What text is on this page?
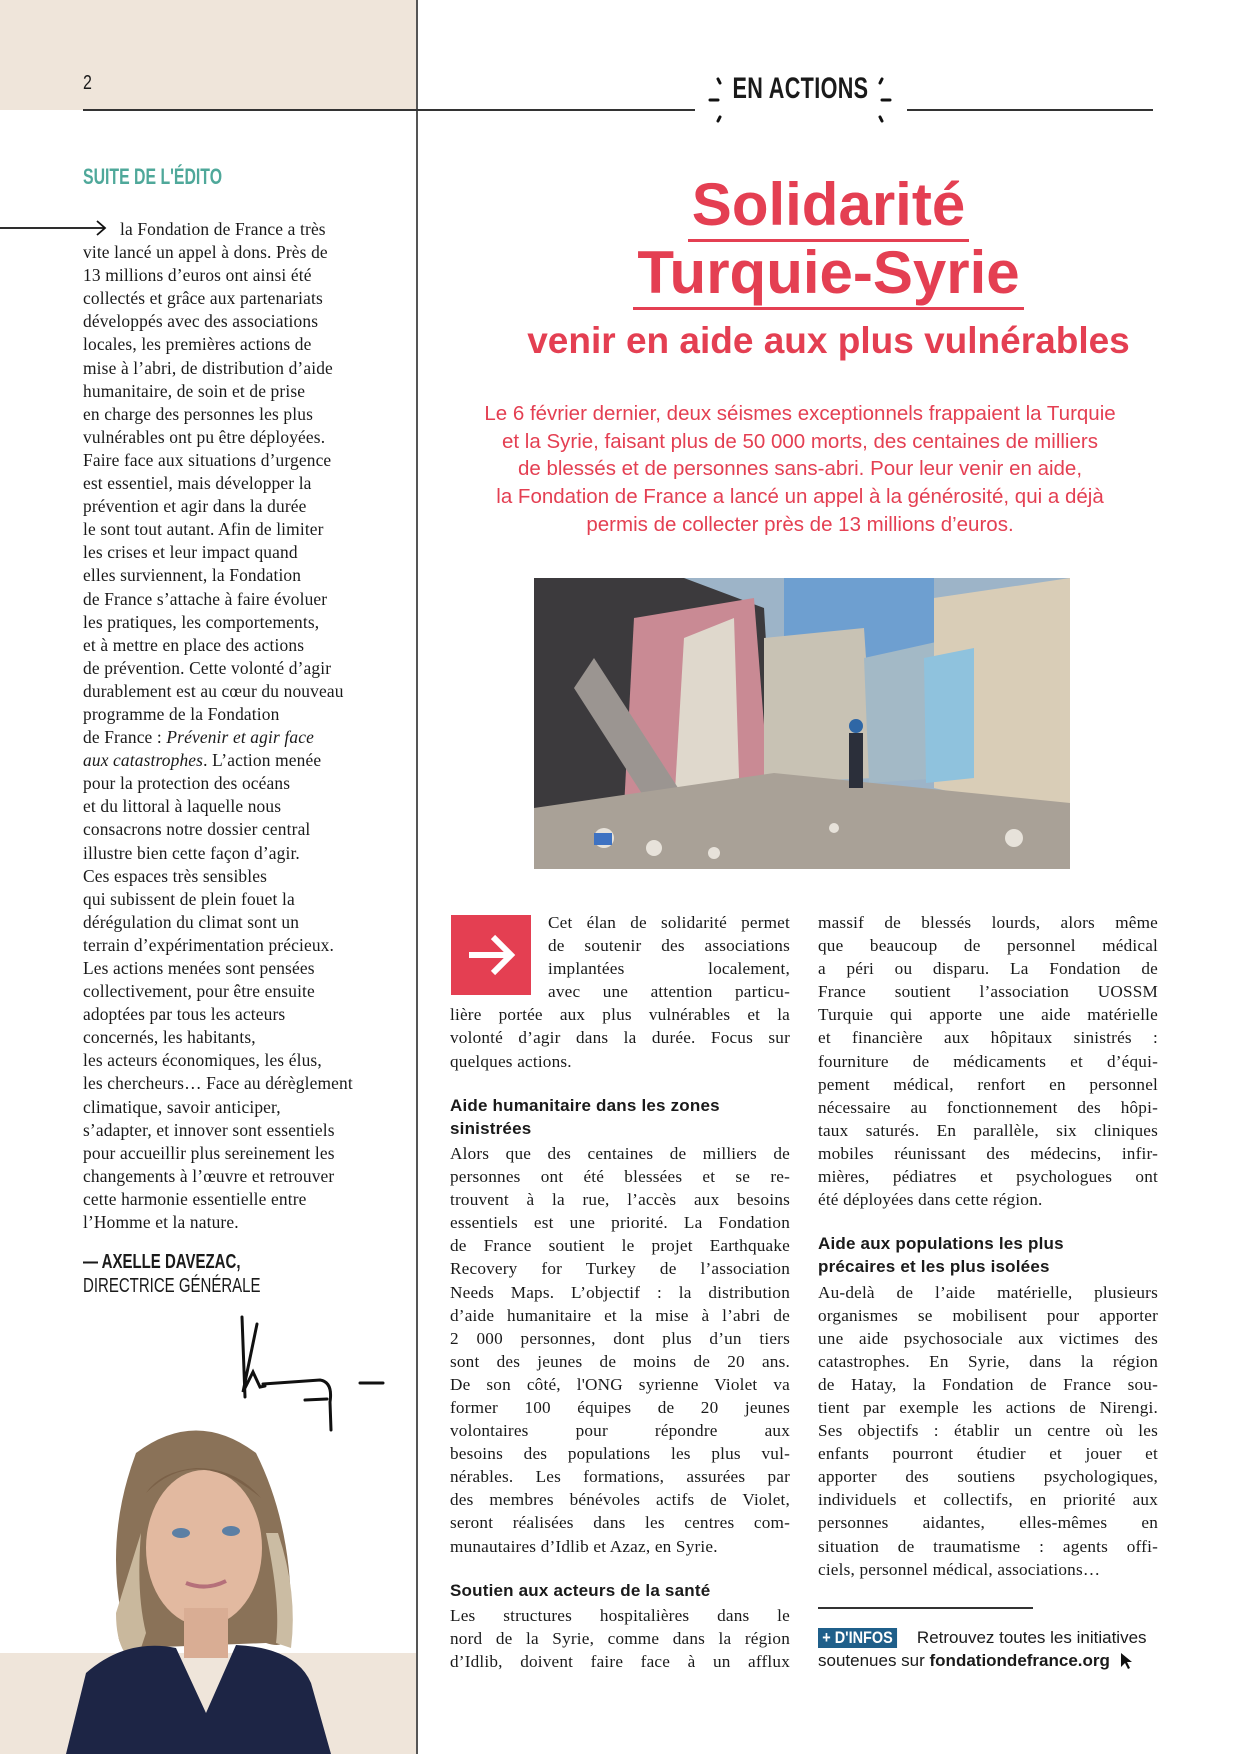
2	EN ACTIONS
SUITE DE L'ÉDITO
la Fondation de France a très
vite lancé un appel à dons. Près de
13 millions d’euros ont ainsi été
collectés et grâce aux partenariats
développés avec des associations
locales, les premières actions de
mise à l’abri, de distribution d’aide
humanitaire, de soin et de prise
en charge des personnes les plus
vulnérables ont pu être déployées.
Faire face aux situations d’urgence
est essentiel, mais développer la
prévention et agir dans la durée
le sont tout autant. Afin de limiter
les crises et leur impact quand
elles surviennent, la Fondation
de France s’attache à faire évoluer
les pratiques, les comportements,
et à mettre en place des actions
de prévention. Cette volonté d’agir
durablement est au cœur du nouveau
programme de la Fondation
de France : Prévenir et agir face
aux catastrophes. L’action menée
pour la protection des océans
et du littoral à laquelle nous
consacrons notre dossier central
illustre bien cette façon d’agir.
Ces espaces très sensibles
qui subissent de plein fouet la
dérégulation du climat sont un
terrain d’expérimentation précieux.
Les actions menées sont pensées
collectivement, pour être ensuite
adoptées par tous les acteurs
concernés, les habitants,
les acteurs économiques, les élus,
les chercheurs… Face au dérèglement
climatique, savoir anticiper,
s’adapter, et innover sont essentiels
pour accueillir plus sereinement les
changements à l’œuvre et retrouver
cette harmonie essentielle entre
l’Homme et la nature.
— AXELLE DAVEZAC,
DIRECTRICE GÉNÉRALE
Solidarité
Turquie-Syrie
venir en aide aux plus vulnérables
Le 6 février dernier, deux séismes exceptionnels frappaient la Turquie
et la Syrie, faisant plus de 50 000 morts, des centaines de milliers
de blessés et de personnes sans-abri. Pour leur venir en aide,
la Fondation de France a lancé un appel à la générosité, qui a déjà
permis de collecter près de 13 millions d’euros.
Cet élan de solidarité permet
de soutenir des associations
implantées localement,
avec une attention particu-
lière portée aux plus vulnérables et la
volonté d’agir dans la durée. Focus sur
quelques actions.
Aide humanitaire dans les zones
sinistrées
Alors que des centaines de milliers de
personnes ont été blessées et se re-
trouvent à la rue, l’accès aux besoins
essentiels est une priorité. La Fondation
de France soutient le projet Earthquake
Recovery for Turkey de l’association
Needs Maps. L’objectif : la distribution
d’aide humanitaire et la mise à l’abri de
2 000 personnes, dont plus d’un tiers
sont des jeunes de moins de 20 ans.
De son côté, l'ONG syrienne Violet va
former 100 équipes de 20 jeunes
volontaires pour répondre aux
besoins des populations les plus vul-
nérables. Les formations, assurées par
des membres bénévoles actifs de Violet,
seront réalisées dans les centres com-
munautaires d’Idlib et Azaz, en Syrie.
Soutien aux acteurs de la santé
Les structures hospitalières dans le
nord de la Syrie, comme dans la région
d’Idlib, doivent faire face à un afflux
massif de blessés lourds, alors même
que beaucoup de personnel médical
a péri ou disparu. La Fondation de
France soutient l’association UOSSM
Turquie qui apporte une aide matérielle
et financière aux hôpitaux sinistrés :
fourniture de médicaments et d’équi-
pement médical, renfort en personnel
nécessaire au fonctionnement des hôpi-
taux saturés. En parallèle, six cliniques
mobiles réunissant des médecins, infir-
mières, pédiatres et psychologues ont
été déployées dans cette région.
Aide aux populations les plus
précaires et les plus isolées
Au-delà de l’aide matérielle, plusieurs
organismes se mobilisent pour apporter
une aide psychosociale aux victimes des
catastrophes. En Syrie, dans la région
de Hatay, la Fondation de France sou-
tient par exemple les actions de Nirengi.
Ses objectifs : établir un centre où les
enfants pourront étudier et jouer et
apporter des soutiens psychologiques,
individuels et collectifs, en priorité aux
personnes aidantes, elles-mêmes en
situation de traumatisme : agents offi-
ciels, personnel médical, associations…
+ D'INFOS Retrouvez toutes les initiatives soutenues sur fondationdefrance.org
